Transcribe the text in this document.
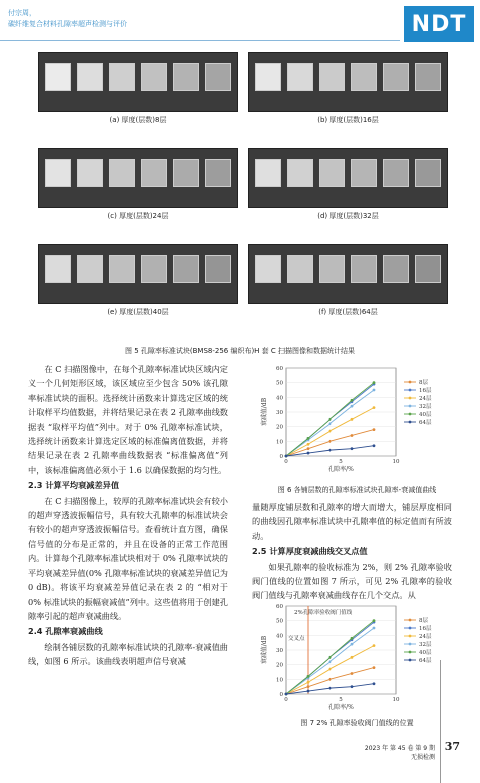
付宗周，
碳纤维复合材料孔隙率超声检测与评价	NDT
(a) 厚度(层数)8层	(b) 厚度(层数)16层
(c) 厚度(层数)24层	(d) 厚度(层数)32层
(e) 厚度(层数)40层	(f) 厚度(层数)64层
图 5 孔隙率标准试块(BMS8-256 编织布)H 套 C 扫描图像和数据统计结果

在 C 扫描图像中，在每个孔隙率标准试块区域内定义一个几何矩形区域，该区域应至少包含 50% 该孔隙率标准试块的面积。选择统计函数来计算选定区域的统计取样平均值数据，并将结果记录在表 2 孔隙率曲线数据表 “取样平均值”列中。对于 0% 孔隙率标准试块，选择统计函数来计算选定区域的标准偏离值数据，并将结果记录在表 2 孔隙率曲线数据表 “标准偏离值”列中，该标准偏离值必须小于 1.6 以确保数据的均匀性。

2.3 计算平均衰减差异值

在 C 扫描图像上，较厚的孔隙率标准试块会有较小的超声穿透波振幅信号，具有较大孔隙率的标准试块会有较小的超声穿透波振幅信号。查看统计直方图，确保信号值的分布是正常的，并且在设备的正常工作范围内。计算每个孔隙率标准试块相对于 0% 孔隙率试块的平均衰减差异值(0% 孔隙率标准试块的衰减差异值记为 0 dB)。将该平均衰减差异值记录在表 2 的 “相对于 0% 标准试块的振幅衰减值”列中。这些值将用于创建孔隙率引起的超声衰减曲线。

2.4 孔隙率衰减曲线

绘制各铺层数的孔隙率标准试块的孔隙率-衰减值曲线，如图 6 所示。该曲线表明超声信号衰减

0
10
20
30
40
50
60
0	5	10
孔隙率/%
衰减值/dB
8层
16层
24层
32层
40层
64层
图 6 各铺层数的孔隙率标准试块孔隙率-衰减值曲线

量随厚度铺层数和孔隙率的增大而增大，铺层厚度相同的曲线因孔隙率标准试块中孔隙率值的标定值而有所波动。

2.5 计算厚度衰减曲线交叉点值

如果孔隙率的验收标准为 2%，则 2% 孔隙率验收阀门值线的位置如图 7 所示，可见 2% 孔隙率的验收阀门值线与孔隙率衰减曲线存在几个交点。从

0
10
20
30
40
50
60
0	5	10
孔隙率/%
衰减值/dB
2%孔隙率验收阀门值线
交叉点
8层
16层
24层
32层
40层
64层
图 7 2% 孔隙率验收阀门值线的位置
2023 年 第 45 卷 第 9 期
无损检测
37
